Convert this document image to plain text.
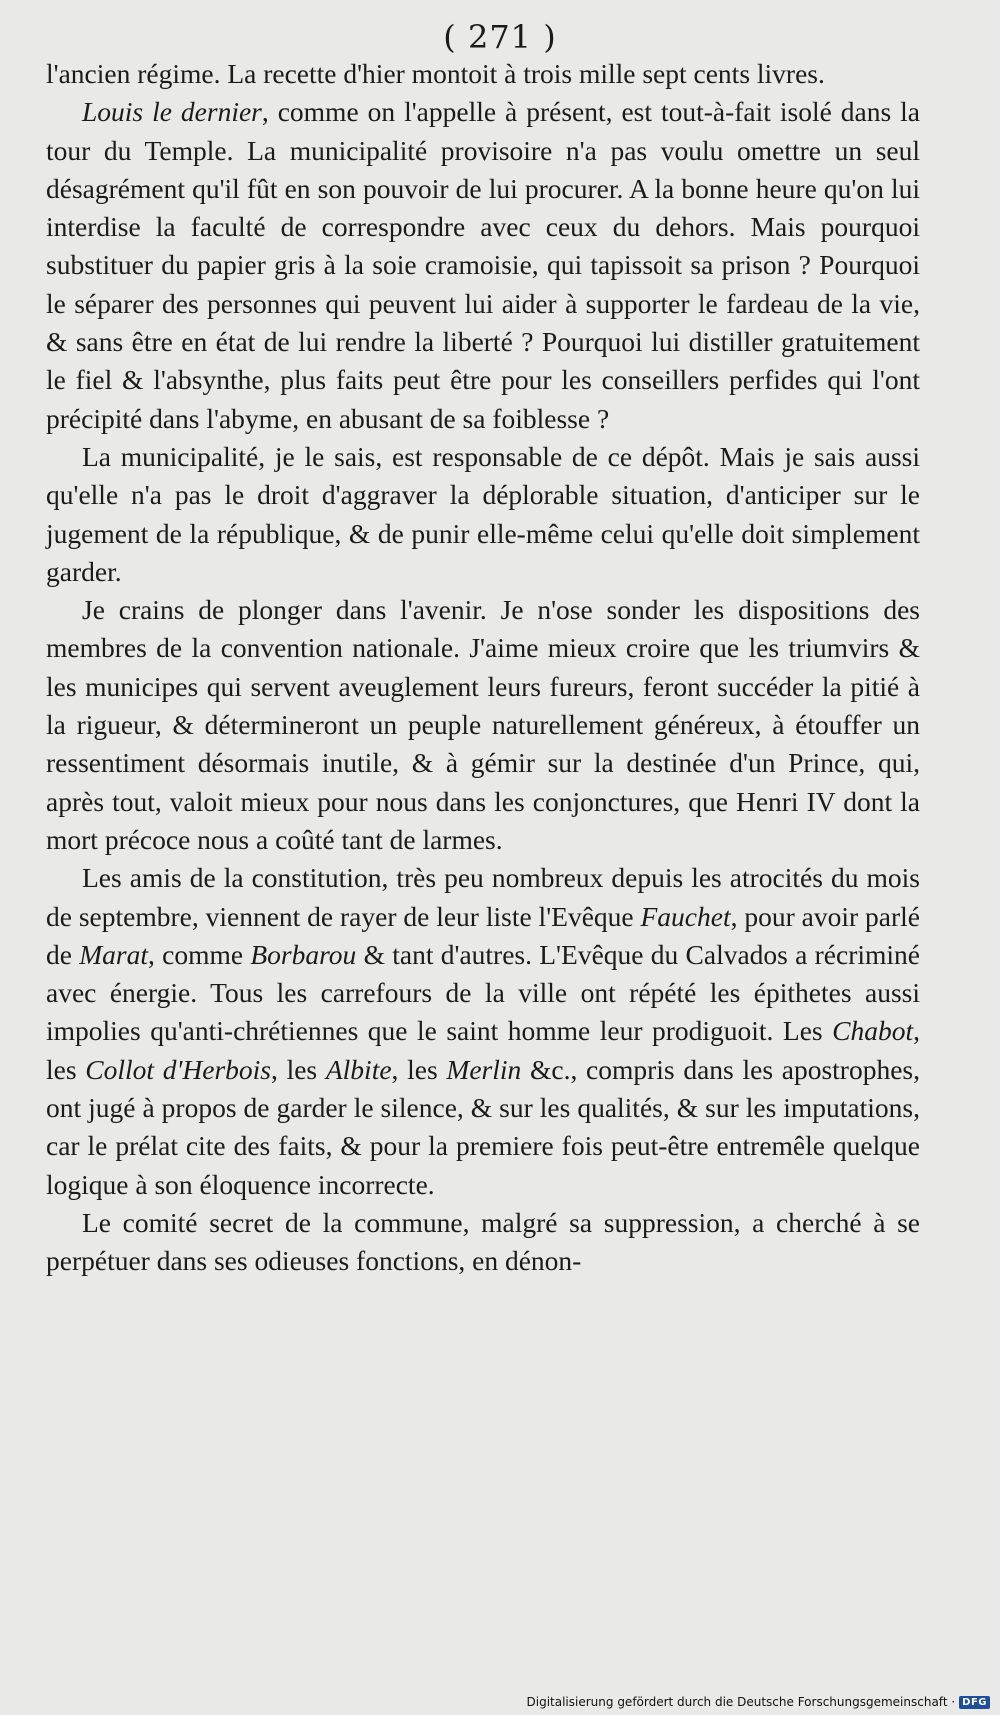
( 271 )

l'ancien régime. La recette d'hier montoit à trois mille sept cents livres.

Louis le dernier, comme on l'appelle à présent, est tout-à-fait isolé dans la tour du Temple. La municipalité provisoire n'a pas voulu omettre un seul désagrément qu'il fût en son pouvoir de lui procurer. A la bonne heure qu'on lui interdise la faculté de correspondre avec ceux du dehors. Mais pourquoi substituer du papier gris à la soie cramoisie, qui tapissoit sa prison ? Pourquoi le séparer des personnes qui peuvent lui aider à supporter le fardeau de la vie, & sans être en état de lui rendre la liberté ? Pourquoi lui distiller gratuitement le fiel & l'absynthe, plus faits peut être pour les conseillers perfides qui l'ont précipité dans l'abyme, en abusant de sa foiblesse ?

La municipalité, je le sais, est responsable de ce dépôt. Mais je sais aussi qu'elle n'a pas le droit d'aggraver la déplorable situation, d'anticiper sur le jugement de la république, & de punir elle-même celui qu'elle doit simplement garder.

Je crains de plonger dans l'avenir. Je n'ose sonder les dispositions des membres de la convention nationale. J'aime mieux croire que les triumvirs & les municipes qui servent aveuglement leurs fureurs, feront succéder la pitié à la rigueur, & détermineront un peuple naturellement généreux, à étouffer un ressentiment désormais inutile, & à gémir sur la destinée d'un Prince, qui, après tout, valoit mieux pour nous dans les conjonctures, que Henri IV dont la mort précoce nous a coûté tant de larmes.

Les amis de la constitution, très peu nombreux depuis les atrocités du mois de septembre, viennent de rayer de leur liste l'Evêque Fauchet, pour avoir parlé de Marat, comme Borbarou & tant d'autres. L'Evêque du Calvados a récriminé avec énergie. Tous les carrefours de la ville ont répété les épithetes aussi impolies qu'anti-chrétiennes que le saint homme leur prodiguoit. Les Chabot, les Collot d'Herbois, les Albite, les Merlin &c., compris dans les apostrophes, ont jugé à propos de garder le silence, & sur les qualités, & sur les imputations, car le prélat cite des faits, & pour la premiere fois peut-être entremêle quelque logique à son éloquence incorrecte.

Le comité secret de la commune, malgré sa suppression, a cherché à se perpétuer dans ses odieuses fonctions, en dénon-

Digitalisierung gefördert durch die Deutsche Forschungsgemeinschaft · DFG
